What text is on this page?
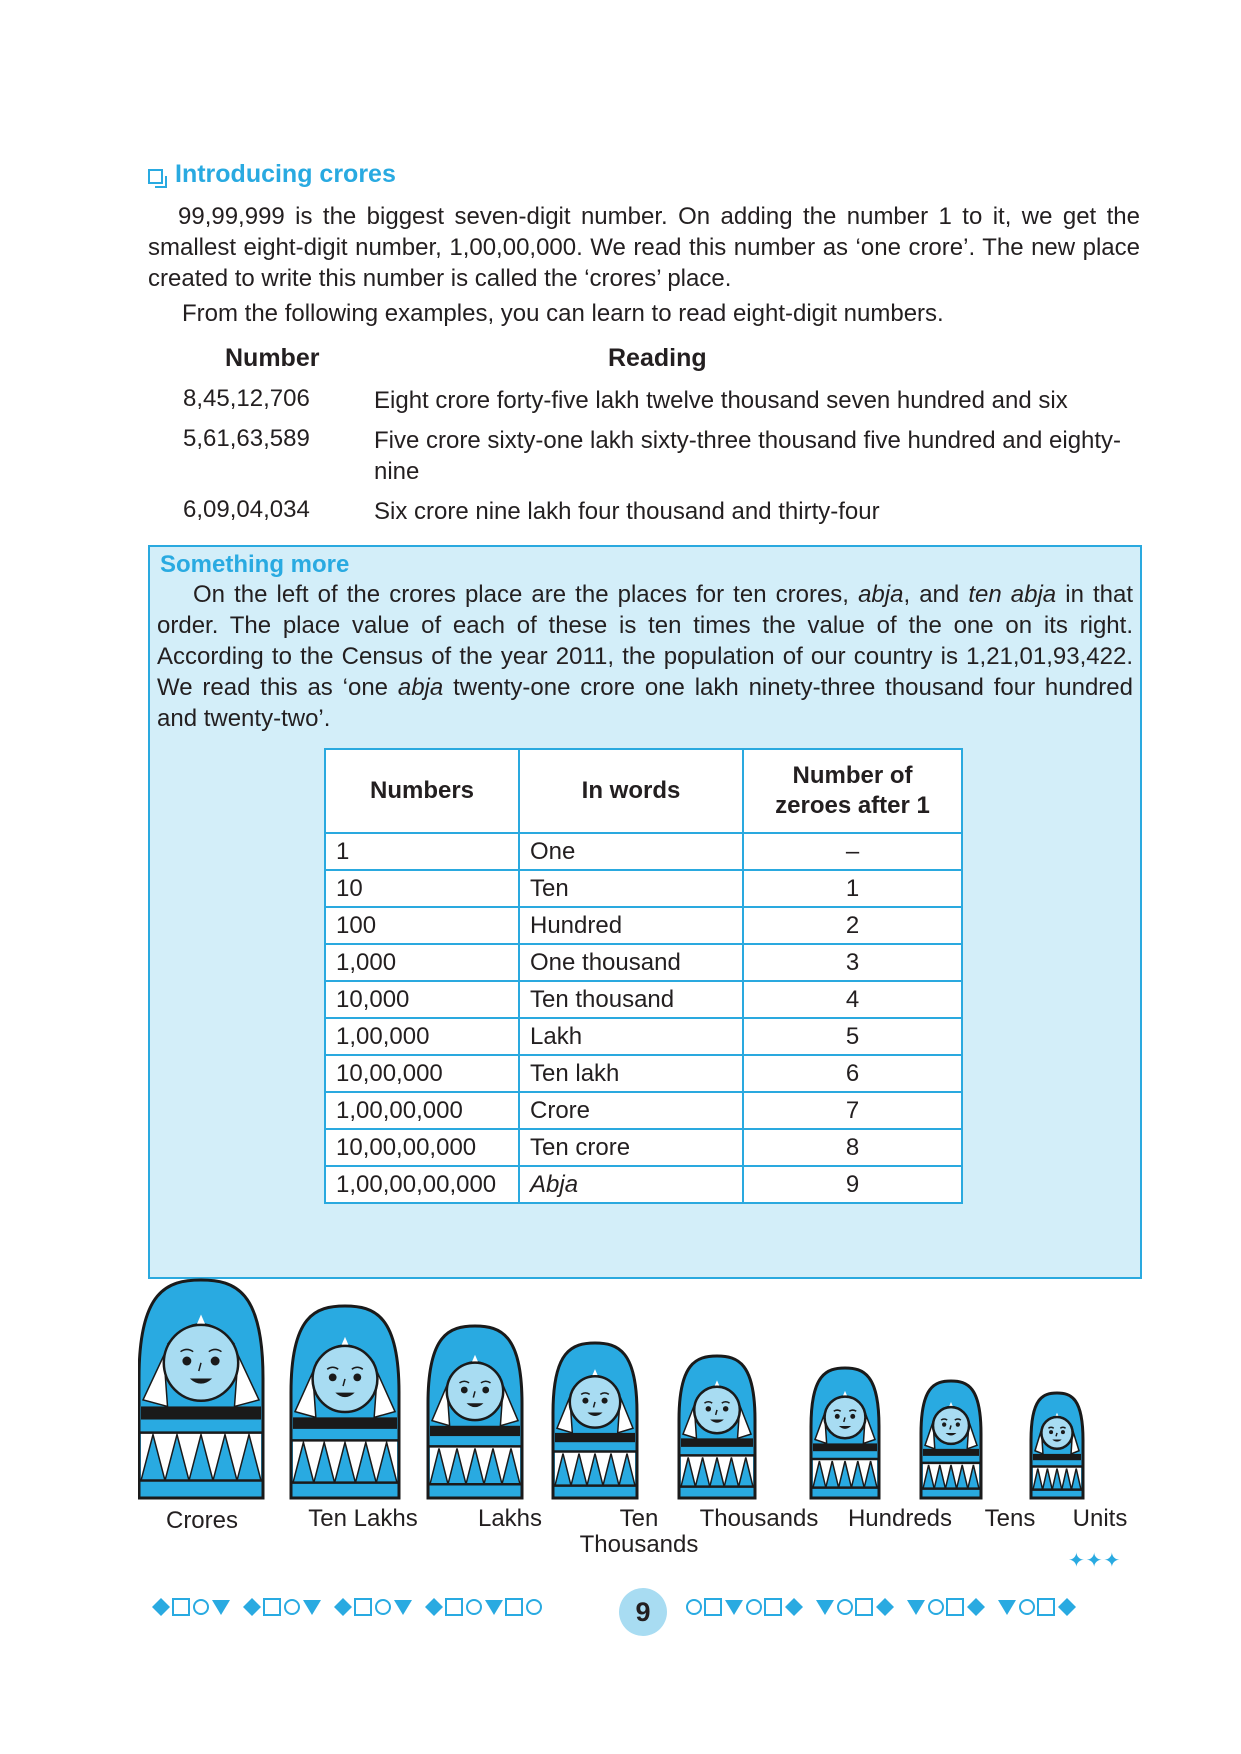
Introducing crores
99,99,999 is the biggest seven-digit number. On adding the number 1 to it, we get the smallest eight-digit number, 1,00,00,000. We read this number as ‘one crore’. The new place created to write this number is called the ‘crores’ place.
From the following examples, you can learn to read eight-digit numbers.
Number	Reading
8,45,12,706	Eight crore forty-five lakh twelve thousand seven hundred and six
5,61,63,589	Five crore sixty-one lakh sixty-three thousand five hundred and eighty-nine
6,09,04,034	Six crore nine lakh four thousand and thirty-four
Something more
On the left of the crores place are the places for ten crores, abja, and ten abja in that order. The place value of each of these is ten times the value of the one on its right. According to the Census of the year 2011, the population of our country is 1,21,01,93,422. We read this as ‘one abja twenty-one crore one lakh ninety-three thousand four hundred and twenty-two’.
Numbers	In words	Number of zeroes after 1
1	One	–
10	Ten	1
100	Hundred	2
1,000	One thousand	3
10,000	Ten thousand	4
1,00,000	Lakh	5
10,00,000	Ten lakh	6
1,00,00,000	Crore	7
10,00,00,000	Ten crore	8
1,00,00,00,000	Abja	9
Crores	Ten Lakhs	Lakhs	Ten Thousands
Thousands	Hundreds	Tens	Units
✦✦✦
9
